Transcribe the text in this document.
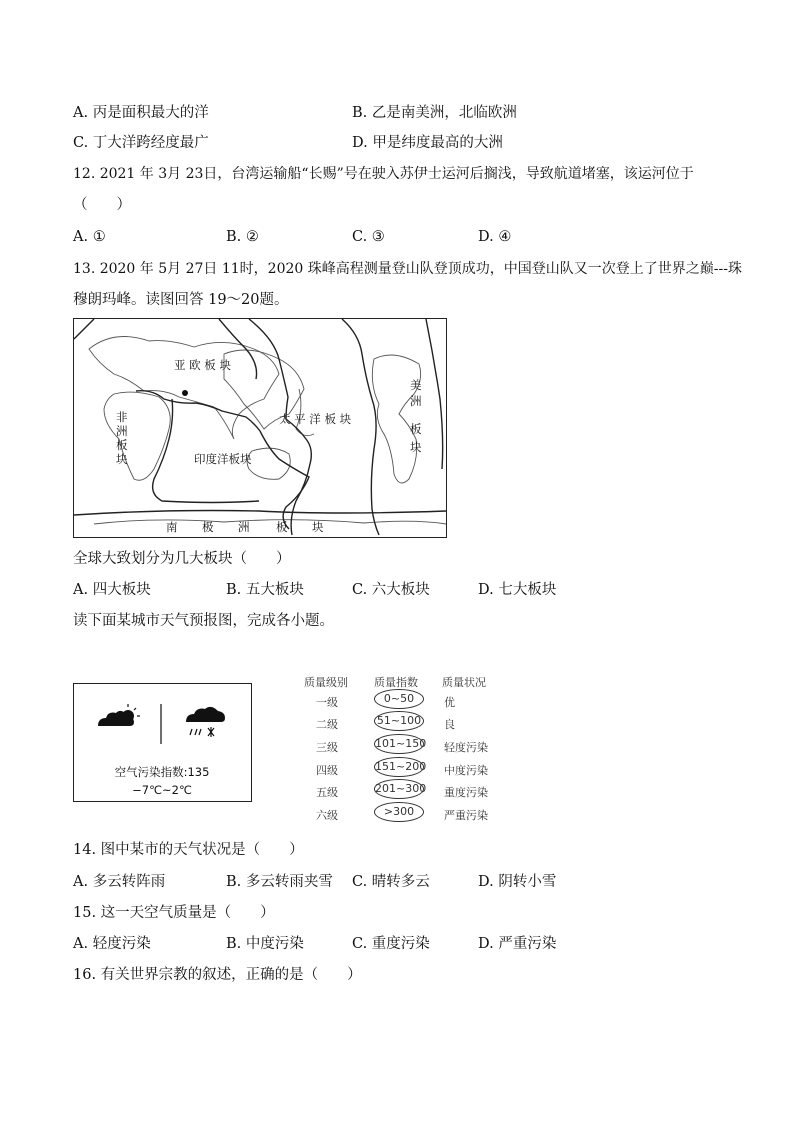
A. 丙是面积最大的洋	B. 乙是南美洲，北临欧洲
C. 丁大洋跨经度最广	D. 甲是纬度最高的大洲
12. 2021 年 3月 23日，台湾运输船“长赐”号在驶入苏伊士运河后搁浅，导致航道堵塞，该运河位于
（　　）
A. ①	B. ②	C. ③	D. ④
13. 2020 年 5月 27日 11时，2020 珠峰高程测量登山队登顶成功，中国登山队又一次登上了世界之巅---珠
穆朗玛峰。读图回答 19～20题。
亚 欧 板 块
非
洲
板
块	印度洋板块
太 平 洋 板 块
美
洲
板
块
南 极 洲 板 块
全球大致划分为几大板块（　　）
A. 四大板块	B. 五大板块	C. 六大板块	D. 七大板块
读下面某城市天气预报图，完成各小题。
空气污染指数:135
−7℃~2℃
质量级别 质量指数 质量状况
一级	0~50	优
二级	51~100 良
三级	101~150 轻度污染
四级	151~200 中度污染
五级	201~300 重度污染
六级	>300	严重污染
14. 图中某市的天气状况是（　　）
A. 多云转阵雨	B. 多云转雨夹雪 C. 晴转多云	D. 阴转小雪
15. 这一天空气质量是（　　）
A. 轻度污染	B. 中度污染	C. 重度污染	D. 严重污染
16. 有关世界宗教的叙述，正确的是（　　）
